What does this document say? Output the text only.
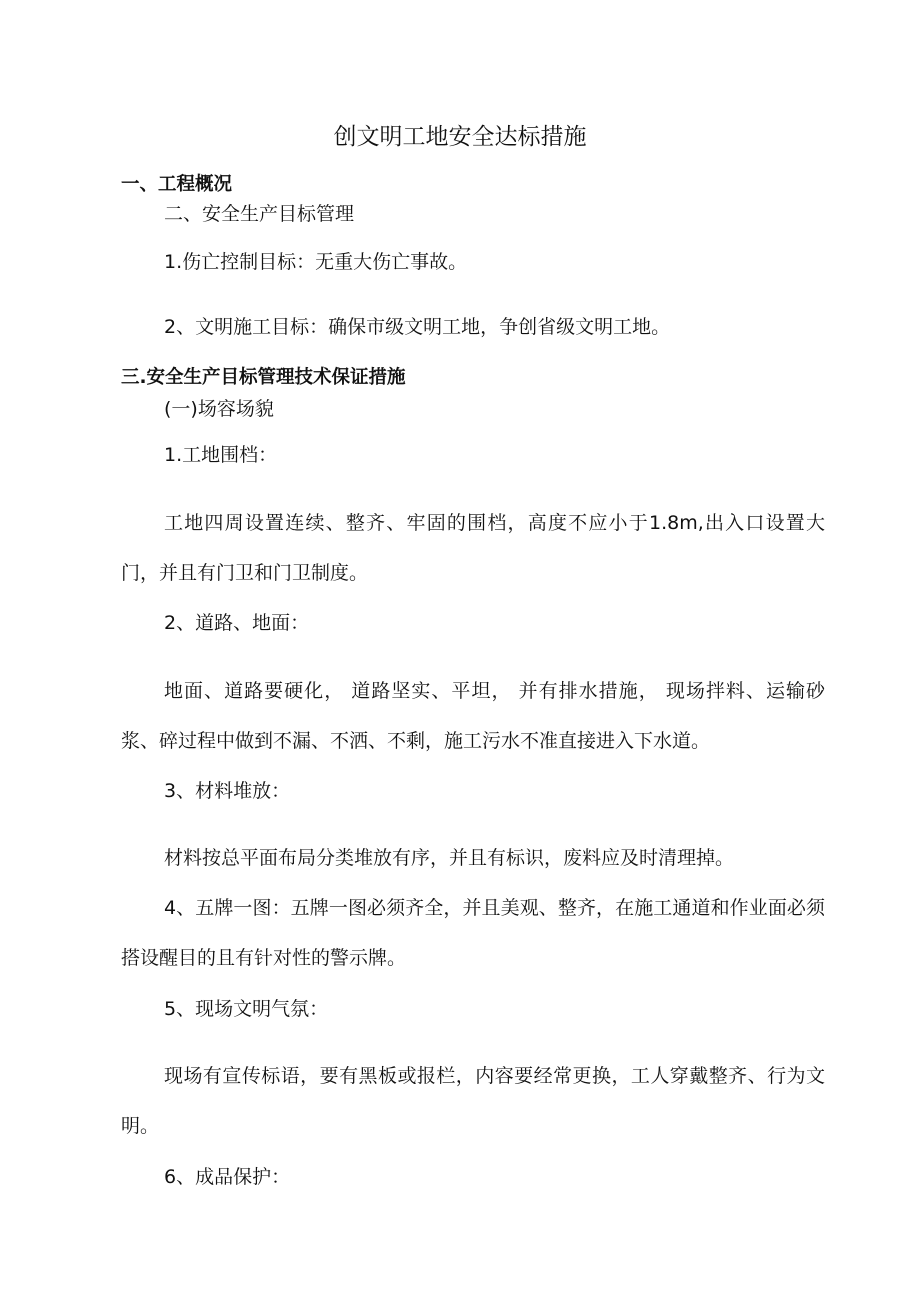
创文明工地安全达标措施
一、工程概况
二、安全生产目标管理
1.伤亡控制目标：无重大伤亡事故。
2、文明施工目标：确保市级文明工地，争创省级文明工地。
三.安全生产目标管理技术保证措施
(一)场容场貌
1.工地围档：
工地四周设置连续、整齐、牢固的围档，高度不应小于1.8m,出入口设置大门，并且有门卫和门卫制度。
2、道路、地面：
地面、道路要硬化， 道路坚实、平坦， 并有排水措施， 现场拌料、运输砂浆、碎过程中做到不漏、不洒、不剩，施工污水不准直接进入下水道。
3、材料堆放：
材料按总平面布局分类堆放有序，并且有标识，废料应及时清理掉。
4、五牌一图：五牌一图必须齐全，并且美观、整齐，在施工通道和作业面必须搭设醒目的且有针对性的警示牌。
5、现场文明气氛：
现场有宣传标语，要有黑板或报栏，内容要经常更换，工人穿戴整齐、行为文明。
6、成品保护：
